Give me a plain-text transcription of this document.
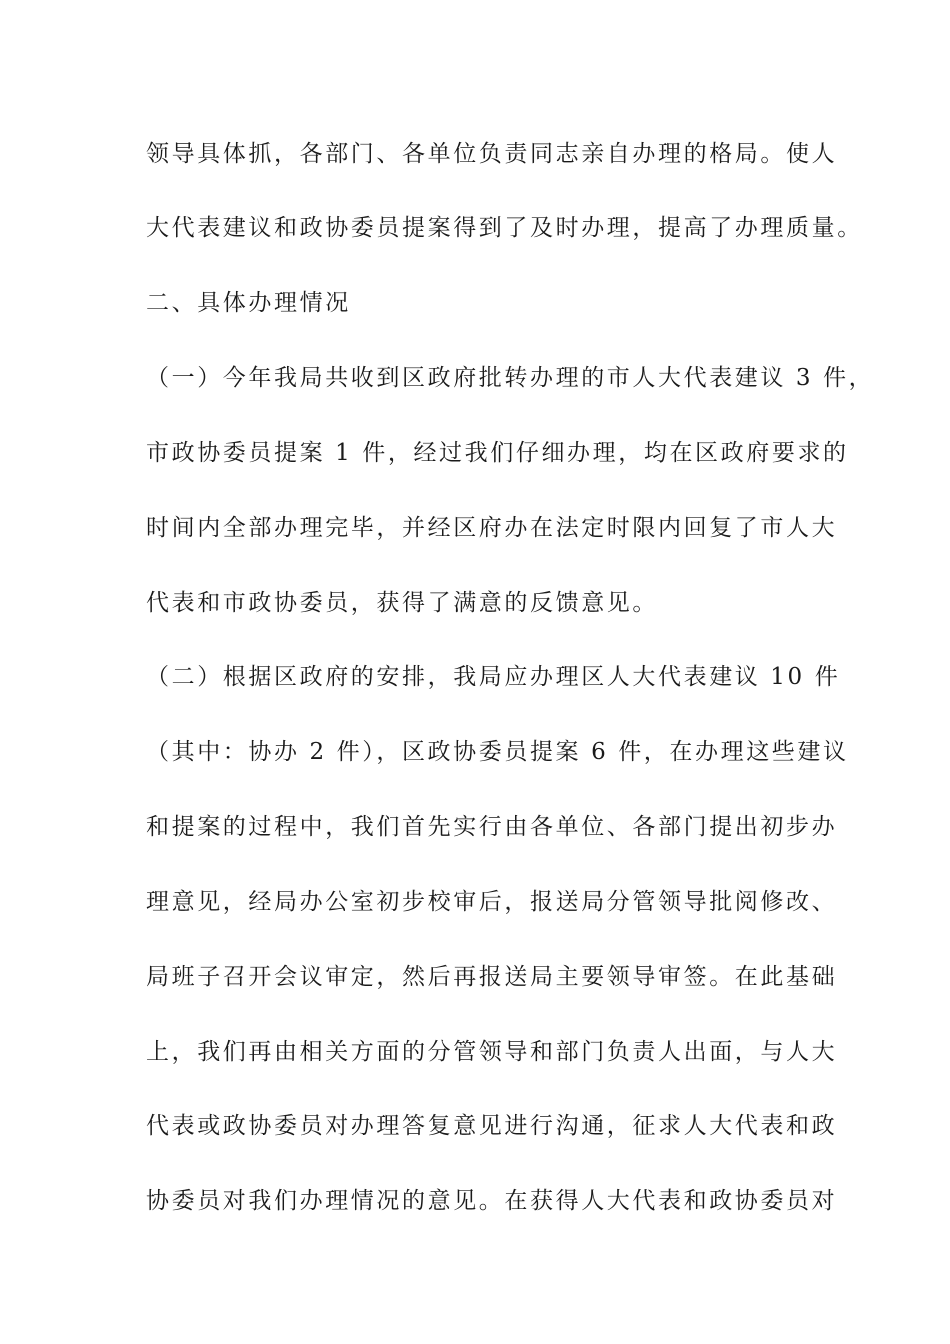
领导具体抓，各部门、各单位负责同志亲自办理的格局。使人
大代表建议和政协委员提案得到了及时办理，提高了办理质量。
二、具体办理情况
（一）今年我局共收到区政府批转办理的市人大代表建议 3 件，
市政协委员提案 1 件，经过我们仔细办理，均在区政府要求的
时间内全部办理完毕，并经区府办在法定时限内回复了市人大
代表和市政协委员，获得了满意的反馈意见。
（二）根据区政府的安排，我局应办理区人大代表建议 10 件
（其中：协办 2 件），区政协委员提案 6 件，在办理这些建议
和提案的过程中，我们首先实行由各单位、各部门提出初步办
理意见，经局办公室初步校审后，报送局分管领导批阅修改、
局班子召开会议审定，然后再报送局主要领导审签。在此基础
上，我们再由相关方面的分管领导和部门负责人出面，与人大
代表或政协委员对办理答复意见进行沟通，征求人大代表和政
协委员对我们办理情况的意见。在获得人大代表和政协委员对
